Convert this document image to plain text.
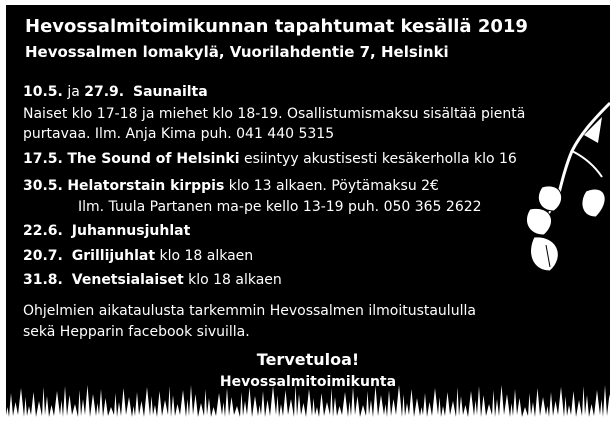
Hevossalmitoimikunnan tapahtumat kesällä 2019
Hevossalmen lomakylä, Vuorilahdentie 7, Helsinki
10.5. ja 27.9. Saunailta
Naiset klo 17-18 ja miehet klo 18-19. Osallistumismaksu sisältää pientä
purtavaa. Ilm. Anja Kima puh. 041 440 5315
17.5. The Sound of Helsinki esiintyy akustisesti kesäkerholla klo 16
30.5. Helatorstain kirppis klo 13 alkaen. Pöytämaksu 2€
Ilm. Tuula Partanen ma-pe kello 13-19 puh. 050 365 2622
22.6. Juhannusjuhlat
20.7. Grillijuhlat klo 18 alkaen
31.8. Venetsialaiset klo 18 alkaen
Ohjelmien aikataulusta tarkemmin Hevossalmen ilmoitustaululla
sekä Hepparin facebook sivuilla.
Tervetuloa!
Hevossalmitoimikunta
